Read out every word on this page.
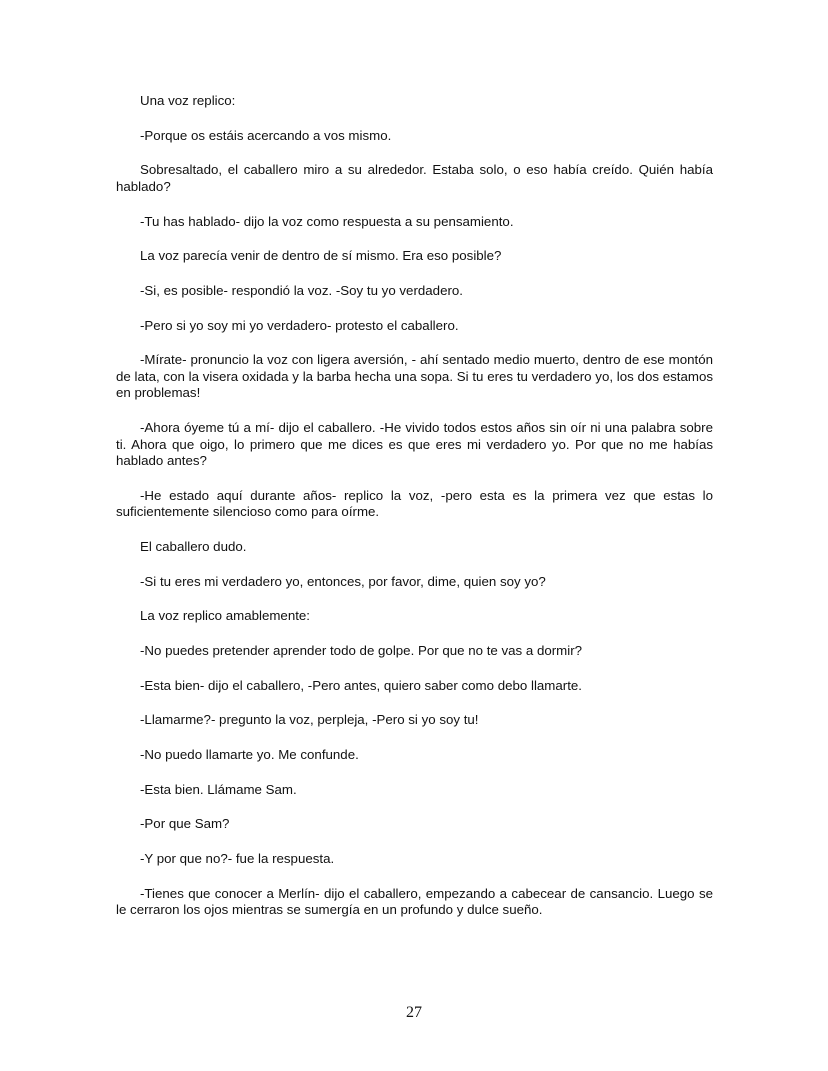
Una voz replico:

-Porque os estáis acercando a vos mismo.

Sobresaltado, el caballero miro a su alrededor. Estaba solo, o eso había creído. Quién había hablado?

-Tu has hablado- dijo la voz como respuesta a su pensamiento.

La voz parecía venir de dentro de sí mismo. Era eso posible?

-Si, es posible- respondió la voz. -Soy tu yo verdadero.

-Pero si yo soy mi yo verdadero- protesto el caballero.

-Mírate- pronuncio la voz con ligera aversión, - ahí sentado medio muerto, dentro de ese montón de lata, con la visera oxidada y la barba hecha una sopa. Si tu eres tu verdadero yo, los dos estamos en problemas!

-Ahora óyeme tú a mí- dijo el caballero. -He vivido todos estos años sin oír ni una palabra sobre ti. Ahora que oigo, lo primero que me dices es que eres mi verdadero yo. Por que no me habías hablado antes?

-He estado aquí durante años- replico la voz, -pero esta es la primera vez que estas lo suficientemente silencioso como para oírme.

El caballero dudo.

-Si tu eres mi verdadero yo, entonces, por favor, dime, quien soy yo?

La voz replico amablemente:

-No puedes pretender aprender todo de golpe. Por que no te vas a dormir?

-Esta bien- dijo el caballero, -Pero antes, quiero saber como debo llamarte.

-Llamarme?- pregunto la voz, perpleja, -Pero si yo soy tu!

-No puedo llamarte yo. Me confunde.

-Esta bien. Llámame Sam.

-Por que Sam?

-Y por que no?- fue la respuesta.

-Tienes que conocer a Merlín- dijo el caballero, empezando a cabecear de cansancio. Luego se le cerraron los ojos mientras se sumergía en un profundo y dulce sueño.

27
